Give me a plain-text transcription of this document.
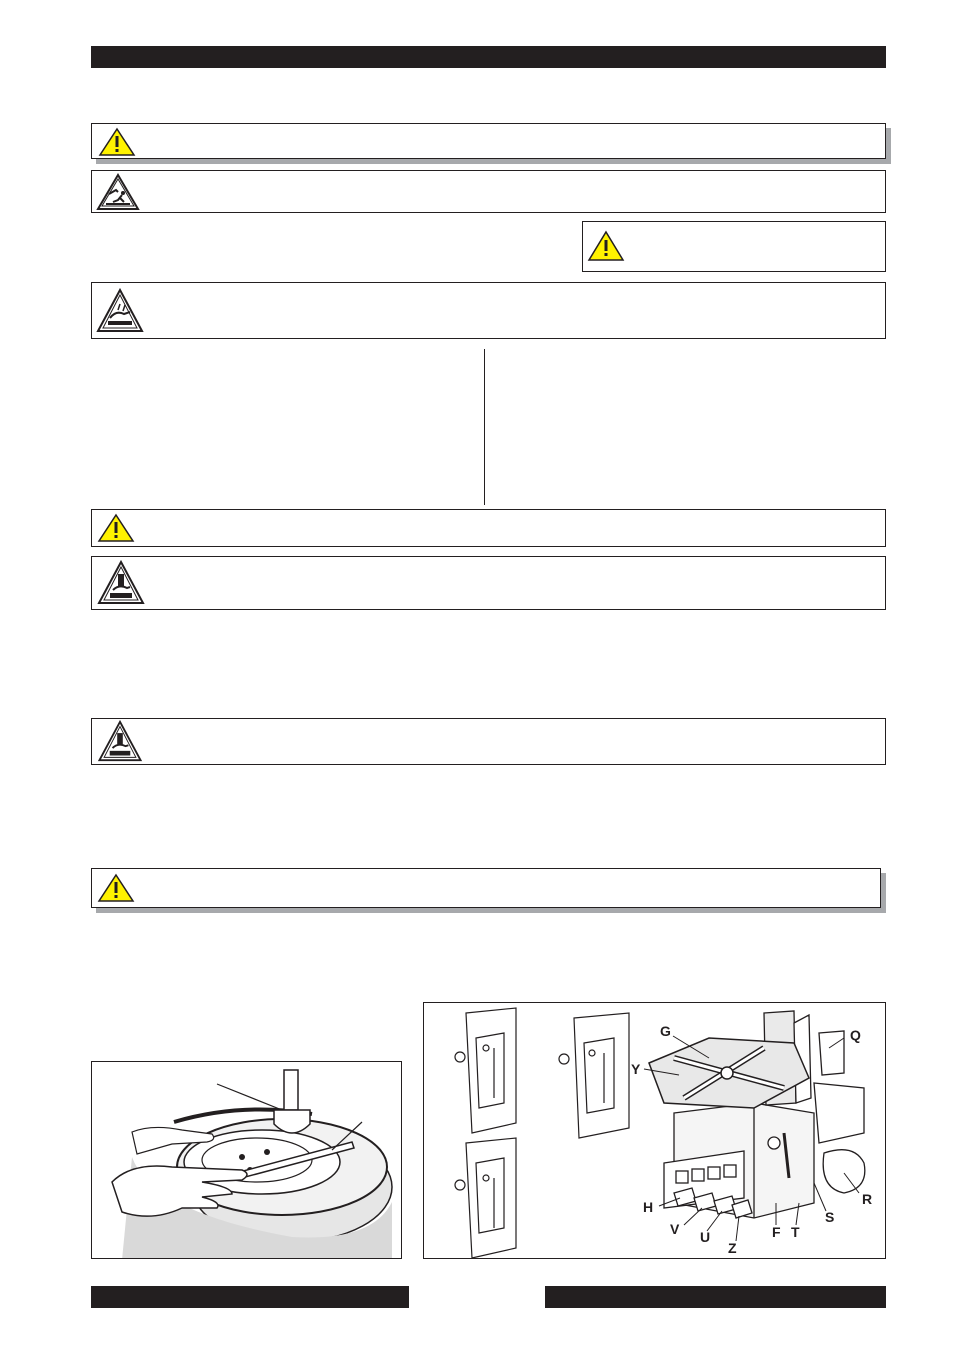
G	Q
Y
R
H
V U
Z
F T
S
